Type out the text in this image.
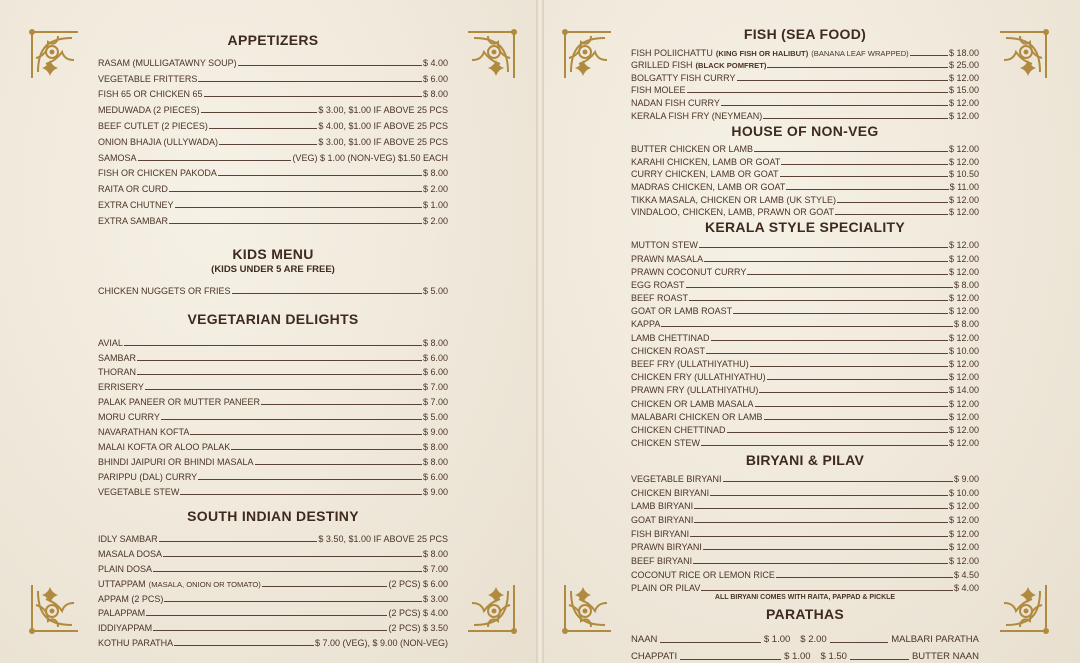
APPETIZERS
RASAM (MULLIGATAWNY SOUP)	$ 4.00
VEGETABLE FRITTERS	$ 6.00
FISH 65 OR CHICKEN 65	$ 8.00
MEDUWADA (2 PIECES)	$ 3.00, $1.00 IF ABOVE 25 PCS
BEEF CUTLET (2 PIECES)	$ 4.00, $1.00 IF ABOVE 25 PCS
ONION BHAJIA (ULLYWADA)	$ 3.00, $1.00 IF ABOVE 25 PCS
SAMOSA	(VEG) $ 1.00 (NON-VEG) $1.50 EACH
FISH OR CHICKEN PAKODA	$ 8.00
RAITA OR CURD	$ 2.00
EXTRA CHUTNEY	$ 1.00
EXTRA SAMBAR	$ 2.00
KIDS MENU
(KIDS UNDER 5 ARE FREE)
CHICKEN NUGGETS OR FRIES	$ 5.00
VEGETARIAN DELIGHTS
AVIAL	$ 8.00
SAMBAR	$ 6.00
THORAN	$ 6.00
ERRISERY	$ 7.00
PALAK PANEER OR MUTTER PANEER	$ 7.00
MORU CURRY	$ 5.00
NAVARATHAN KOFTA	$ 9.00
MALAI KOFTA OR ALOO PALAK	$ 8.00
BHINDI JAIPURI OR BHINDI MASALA	$ 8.00
PARIPPU (DAL) CURRY	$ 6.00
VEGETABLE STEW	$ 9.00
SOUTH INDIAN DESTINY
IDLY SAMBAR	$ 3.50, $1.00 IF ABOVE 25 PCS
MASALA DOSA	$ 8.00
PLAIN DOSA	$ 7.00
UTTAPPAM (MASALA, ONION OR TOMATO)	(2 PCS) $ 6.00
APPAM (2 PCS)	$ 3.00
PALAPPAM	(2 PCS) $ 4.00
IDDIYAPPAM	(2 PCS) $ 3.50
KOTHU PARATHA	$ 7.00 (VEG), $ 9.00 (NON-VEG)
FISH (SEA FOOD)
FISH POLIICHATTU (KING FISH OR HALIBUT) (BANANA LEAF WRAPPED)	$ 18.00
GRILLED FISH (BLACK POMFRET)	$ 25.00
BOLGATTY FISH CURRY	$ 12.00
FISH MOLEE	$ 15.00
NADAN FISH CURRY	$ 12.00
KERALA FISH FRY (NEYMEAN)	$ 12.00
HOUSE OF NON-VEG
BUTTER CHICKEN OR LAMB	$ 12.00
KARAHI CHICKEN, LAMB OR GOAT	$ 12.00
CURRY CHICKEN, LAMB OR GOAT	$ 10.50
MADRAS CHICKEN, LAMB OR GOAT	$ 11.00
TIKKA MASALA, CHICKEN OR LAMB (UK STYLE)	$ 12.00
VINDALOO, CHICKEN, LAMB, PRAWN OR GOAT	$ 12.00
KERALA STYLE SPECIALITY
MUTTON STEW	$ 12.00
PRAWN MASALA	$ 12.00
PRAWN COCONUT CURRY	$ 12.00
EGG ROAST	$ 8.00
BEEF ROAST	$ 12.00
GOAT OR LAMB ROAST	$ 12.00
KAPPA	$ 8.00
LAMB CHETTINAD	$ 12.00
CHICKEN ROAST	$ 10.00
BEEF FRY (ULLATHIYATHU)	$ 12.00
CHICKEN FRY (ULLATHIYATHU)	$ 12.00
PRAWN FRY (ULLATHIYATHU)	$ 14.00
CHICKEN OR LAMB MASALA	$ 12.00
MALABARI CHICKEN OR LAMB	$ 12.00
CHICKEN CHETTINAD	$ 12.00
CHICKEN STEW	$ 12.00
BIRYANI & PILAV
VEGETABLE BIRYANI	$ 9.00
CHICKEN BIRYANI	$ 10.00
LAMB BIRYANI	$ 12.00
GOAT BIRYANI	$ 12.00
FISH BIRYANI	$ 12.00
PRAWN BIRYANI	$ 12.00
BEEF BIRYANI	$ 12.00
COCONUT RICE OR LEMON RICE	$ 4.50
PLAIN OR PILAV	$ 4.00
ALL BIRYANI COMES WITH RAITA, PAPPAD & PICKLE
PARATHAS
NAAN	$ 1.00 $ 2.00	MALBARI PARATHA
CHAPPATI	$ 1.00 $ 1.50	BUTTER NAAN
